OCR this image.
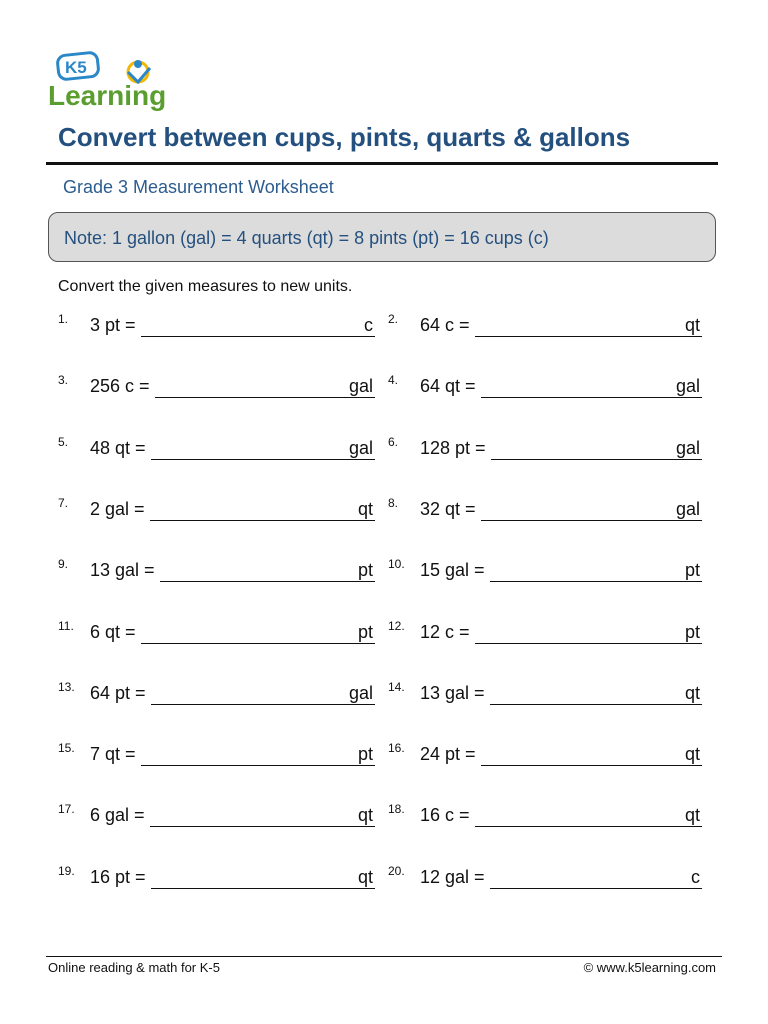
K5
Learning
Convert between cups, pints, quarts & gallons
Grade 3 Measurement Worksheet
Note: 1 gallon (gal) = 4 quarts (qt) = 8 pints (pt) = 16 cups (c)
Convert the given measures to new units.
1. 3 pt =	c 2. 64 c =	qt
3. 256 c =	gal 4. 64 qt =	gal
5. 48 qt =	gal 6. 128 pt =	gal
7. 2 gal =	qt 8. 32 qt =	gal
9. 13 gal =	pt 10. 15 gal =	pt
11. 6 qt =	pt 12. 12 c =	pt
13. 64 pt =	gal 14. 13 gal =	qt
15. 7 qt =	pt 16. 24 pt =	qt
17. 6 gal =	qt 18. 16 c =	qt
19. 16 pt =	qt 20. 12 gal =	c
Online reading & math for K-5	© www.k5learning.com
